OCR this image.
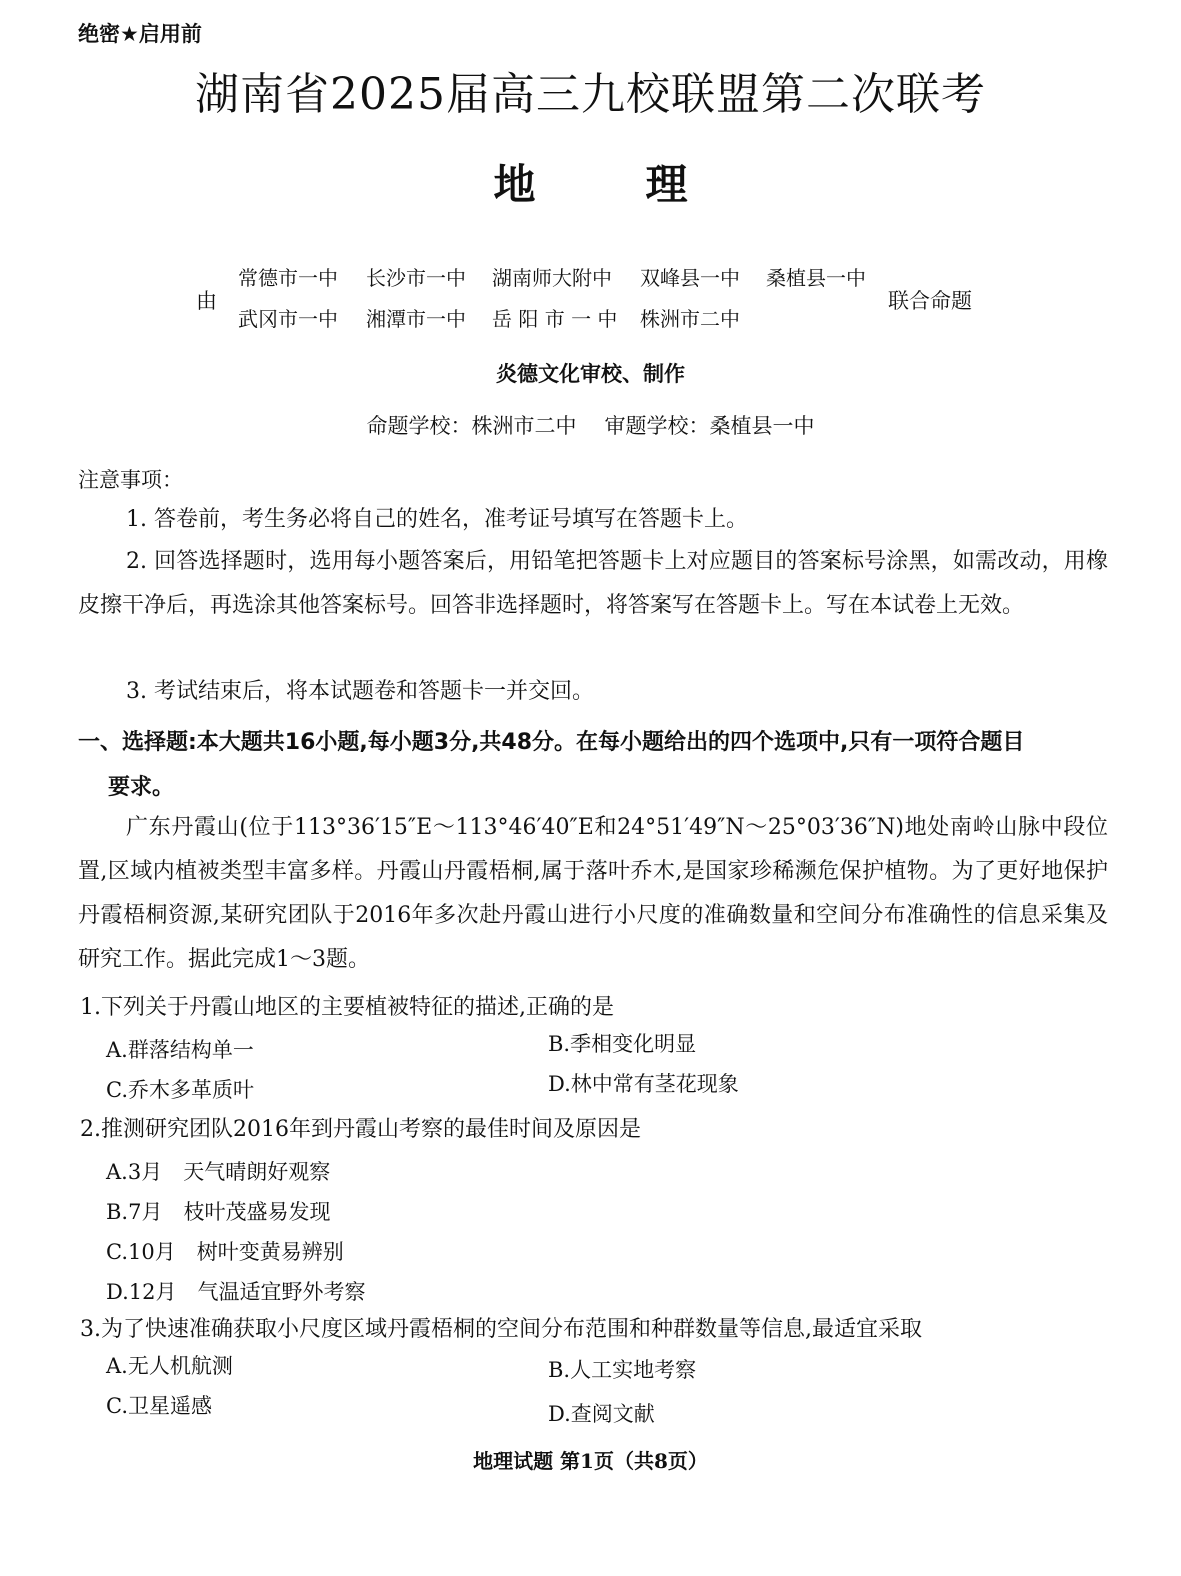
绝密★启用前
湖南省2025届高三九校联盟第二次联考
地	理
由
常德市一中 长沙市一中 湖南师大附中 双峰县一中 桑植县一中
武冈市一中 湘潭市一中 岳 阳 市 一 中 株洲市二中
联合命题
炎德文化审校、制作
命题学校：株洲市二中 审题学校：桑植县一中
注意事项：
1. 答卷前，考生务必将自己的姓名，准考证号填写在答题卡上。
2. 回答选择题时，选用每小题答案后，用铅笔把答题卡上对应题目的答案标号涂黑，如需改动，用橡皮擦干净后，再选涂其他答案标号。回答非选择题时，将答案写在答题卡上。写在本试卷上无效。
3. 考试结束后，将本试题卷和答题卡一并交回。
一、选择题:本大题共16小题,每小题3分,共48分。在每小题给出的四个选项中,只有一项符合题目
要求。
广东丹霞山(位于113°36′15″E～113°46′40″E和24°51′49″N～25°03′36″N)地处南岭山脉中段位置,区域内植被类型丰富多样。丹霞山丹霞梧桐,属于落叶乔木,是国家珍稀濒危保护植物。为了更好地保护丹霞梧桐资源,某研究团队于2016年多次赴丹霞山进行小尺度的准确数量和空间分布准确性的信息采集及研究工作。据此完成1～3题。
1.下列关于丹霞山地区的主要植被特征的描述,正确的是
A.群落结构单一	B.季相变化明显
C.乔木多革质叶	D.林中常有茎花现象
2.推测研究团队2016年到丹霞山考察的最佳时间及原因是
A.3月　天气晴朗好观察
B.7月　枝叶茂盛易发现
C.10月　树叶变黄易辨别
D.12月　气温适宜野外考察
3.为了快速准确获取小尺度区域丹霞梧桐的空间分布范围和种群数量等信息,最适宜采取
A.无人机航测	B.人工实地考察
C.卫星遥感	D.查阅文献
地理试题 第1页（共8页）
